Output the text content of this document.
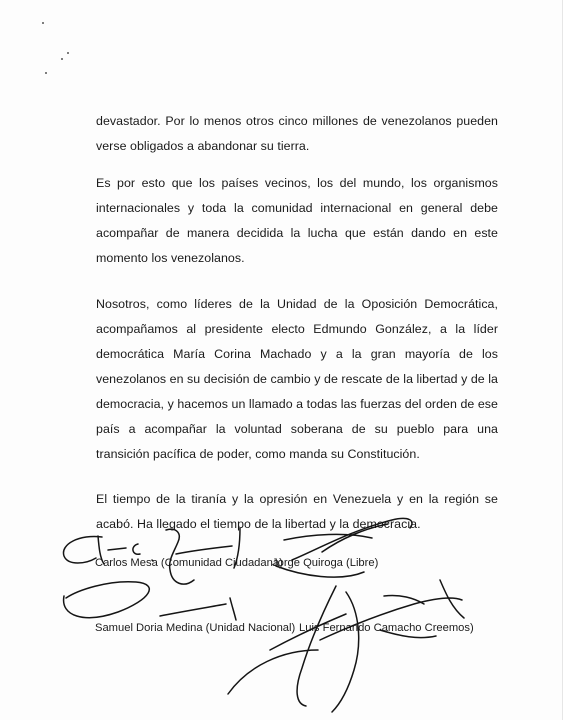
devastador. Por lo menos otros cinco millones de venezolanos pueden verse obligados a abandonar su tierra.

Es por esto que los países vecinos, los del mundo, los organismos internacionales y toda la comunidad internacional en general debe acompañar de manera decidida la lucha que están dando en este momento los venezolanos.

Nosotros, como líderes de la Unidad de la Oposición Democrática, acompañamos al presidente electo Edmundo González, a la líder democrática María Corina Machado y a la gran mayoría de los venezolanos en su decisión de cambio y de rescate de la libertad y de la democracia, y hacemos un llamado a todas las fuerzas del orden de ese país a acompañar la voluntad soberana de su pueblo para una transición pacífica de poder, como manda su Constitución.

El tiempo de la tiranía y la opresión en Venezuela y en la región se acabó. Ha llegado el tiempo de la libertad y la democracia.

Carlos Mesa (Comunidad Ciudadana)
Jorge Quiroga (Libre)
Samuel Doria Medina (Unidad Nacional) Luis Fernando Camacho Creemos)
